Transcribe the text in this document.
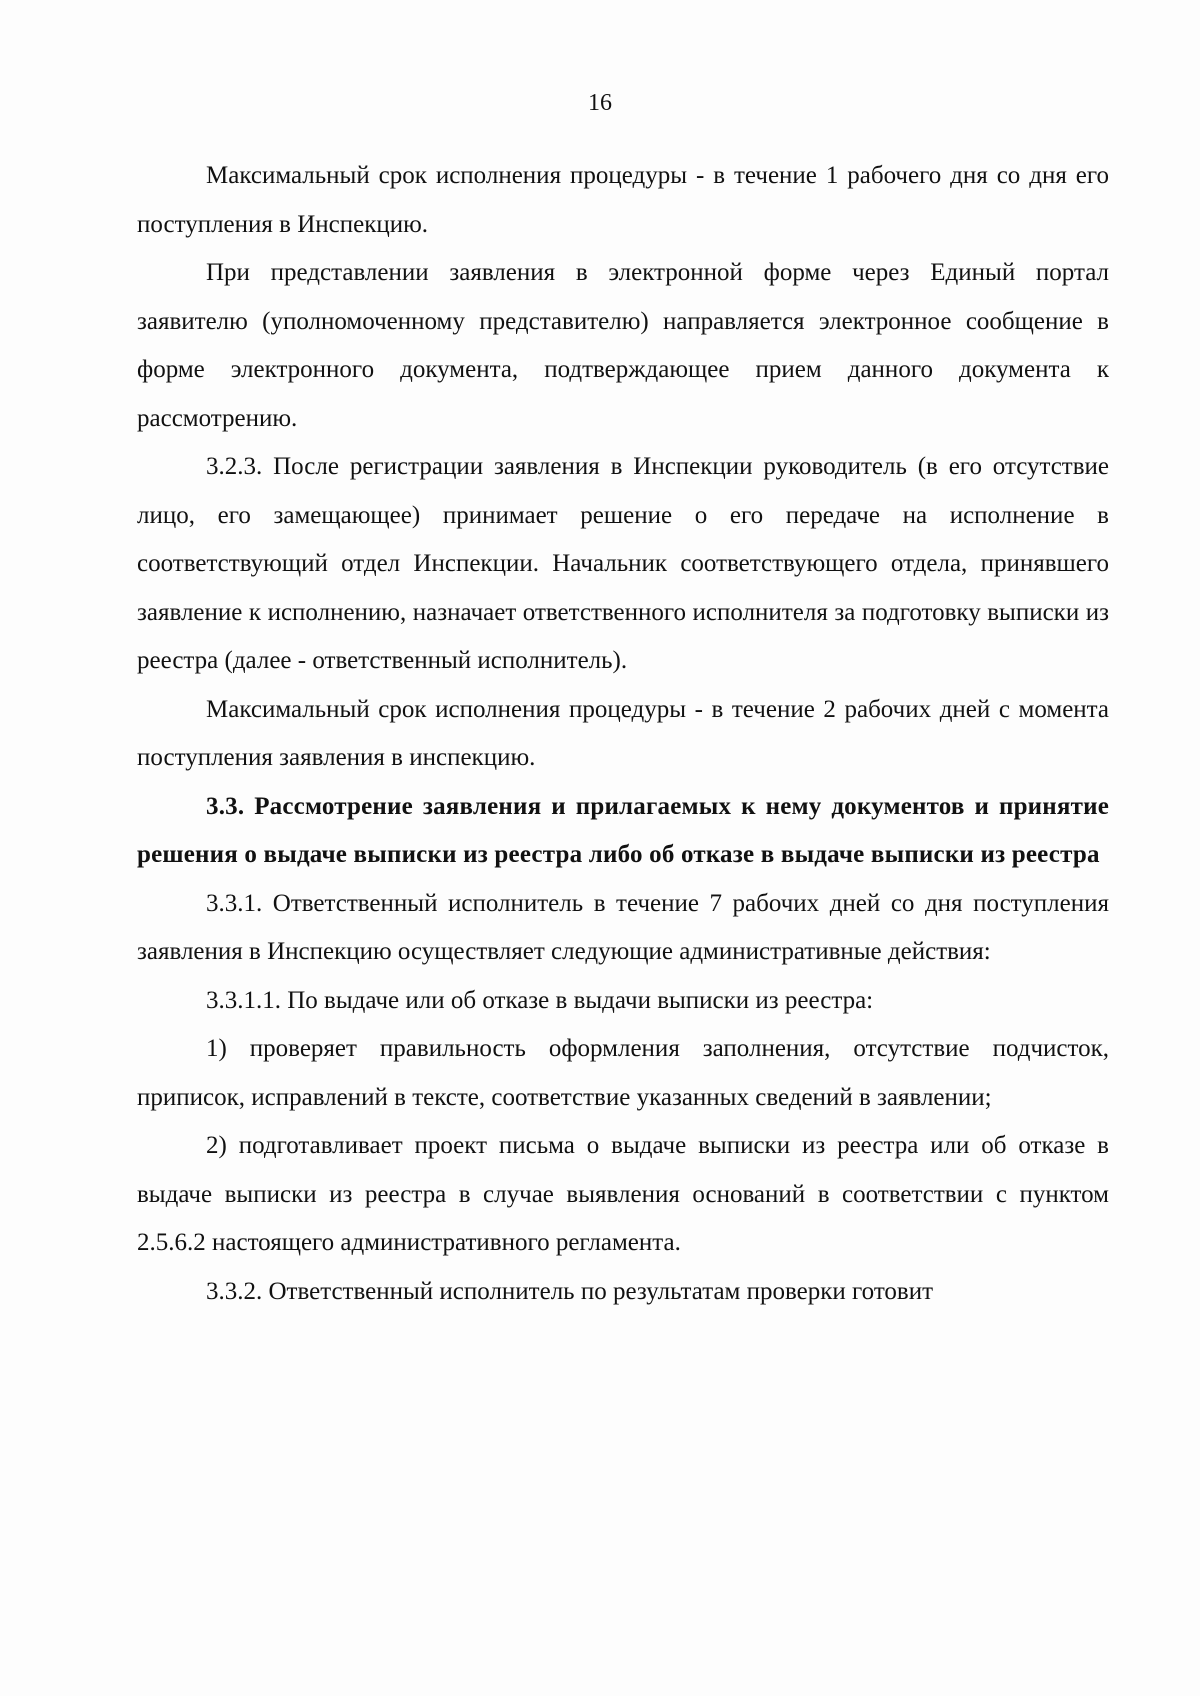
16

Максимальный срок исполнения процедуры - в течение 1 рабочего дня со дня его поступления в Инспекцию.

При представлении заявления в электронной форме через Единый портал заявителю (уполномоченному представителю) направляется электронное сообщение в форме электронного документа, подтверждающее прием данного документа к рассмотрению.

3.2.3. После регистрации заявления в Инспекции руководитель (в его отсутствие лицо, его замещающее) принимает решение о его передаче на исполнение в соответствующий отдел Инспекции. Начальник соответствующего отдела, принявшего заявление к исполнению, назначает ответственного исполнителя за подготовку выписки из реестра (далее - ответственный исполнитель).

Максимальный срок исполнения процедуры - в течение 2 рабочих дней с момента поступления заявления в инспекцию.

3.3. Рассмотрение заявления и прилагаемых к нему документов и принятие решения о выдаче выписки из реестра либо об отказе в выдаче выписки из реестра

3.3.1. Ответственный исполнитель в течение 7 рабочих дней со дня поступления заявления в Инспекцию осуществляет следующие административные действия:

3.3.1.1. По выдаче или об отказе в выдачи выписки из реестра:

1) проверяет правильность оформления заполнения, отсутствие подчисток, приписок, исправлений в тексте, соответствие указанных сведений в заявлении;

2) подготавливает проект письма о выдаче выписки из реестра или об отказе в выдаче выписки из реестра в случае выявления оснований в соответствии с пунктом 2.5.6.2 настоящего административного регламента.

3.3.2. Ответственный исполнитель по результатам проверки готовит
